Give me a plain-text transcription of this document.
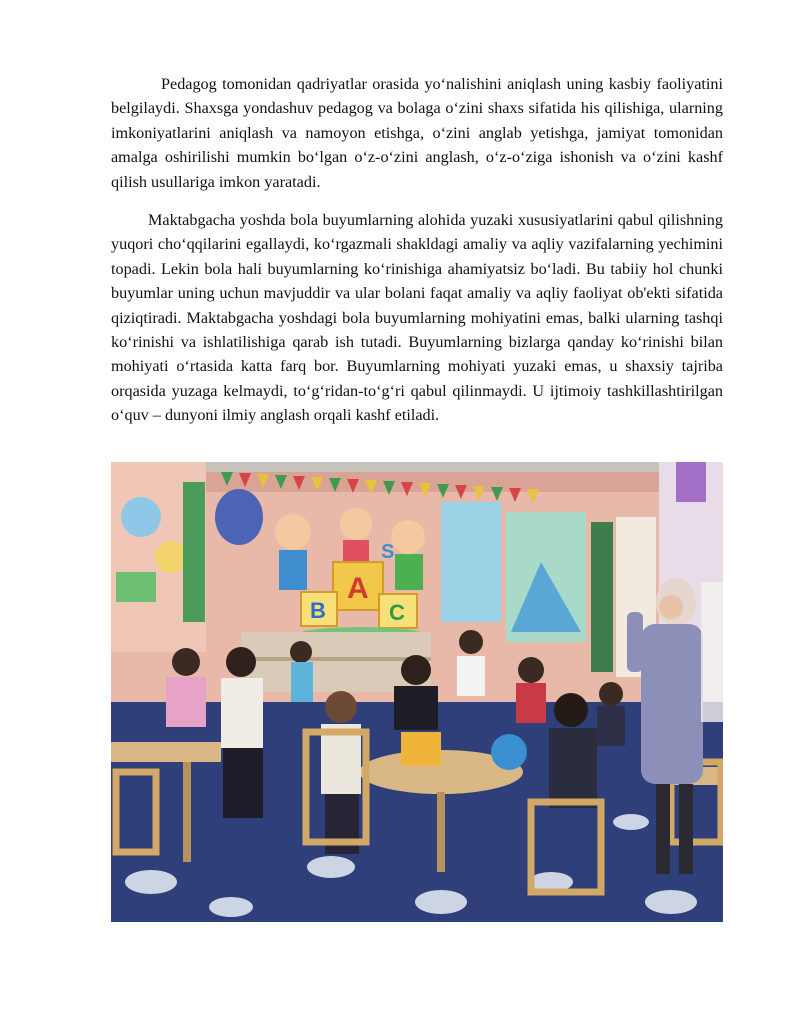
Pedagog tomonidan qadriyatlar orasida yo‘nalishini aniqlash uning kasbiy faoliyatini belgilaydi. Shaxsga yondashuv pedagog va bolaga o‘zini shaxs sifatida his qilishiga, ularning imkoniyatlarini aniqlash va namoyon etishga, o‘zini anglab yetishga, jamiyat tomonidan amalga oshirilishi mumkin bo‘lgan o‘z-o‘zini anglash, o‘z-o‘ziga ishonish va o‘zini kashf qilish usullariga imkon yaratadi.

Maktabgacha yoshda bola buyumlarning alohida yuzaki xususiyatlarini qabul qilishning yuqori cho‘qqilarini egallaydi, ko‘rgazmali shakldagi amaliy va aqliy vazifalarning yechimini topadi. Lekin bola hali buyumlarning ko‘rinishiga ahamiyatsiz bo‘ladi. Bu tabiiy hol chunki buyumlar uning uchun mavjuddir va ular bolani faqat amaliy va aqliy faoliyat ob'ekti sifatida qiziqtiradi. Maktabgacha yoshdagi bola buyumlarning mohiyatini emas, balki ularning tashqi ko‘rinishi va ishlatilishiga qarab ish tutadi. Buyumlarning bizlarga qanday ko‘rinishi bilan mohiyati o‘rtasida katta farq bor. Buyumlarning mohiyati yuzaki emas, u shaxsiy tajriba orqasida yuzaga kelmaydi, to‘g‘ridan-to‘g‘ri qabul qilinmaydi. U ijtimoiy tashkillashtirilgan o‘quv – dunyoni ilmiy anglash orqali kashf etiladi.

A
B	C
S
